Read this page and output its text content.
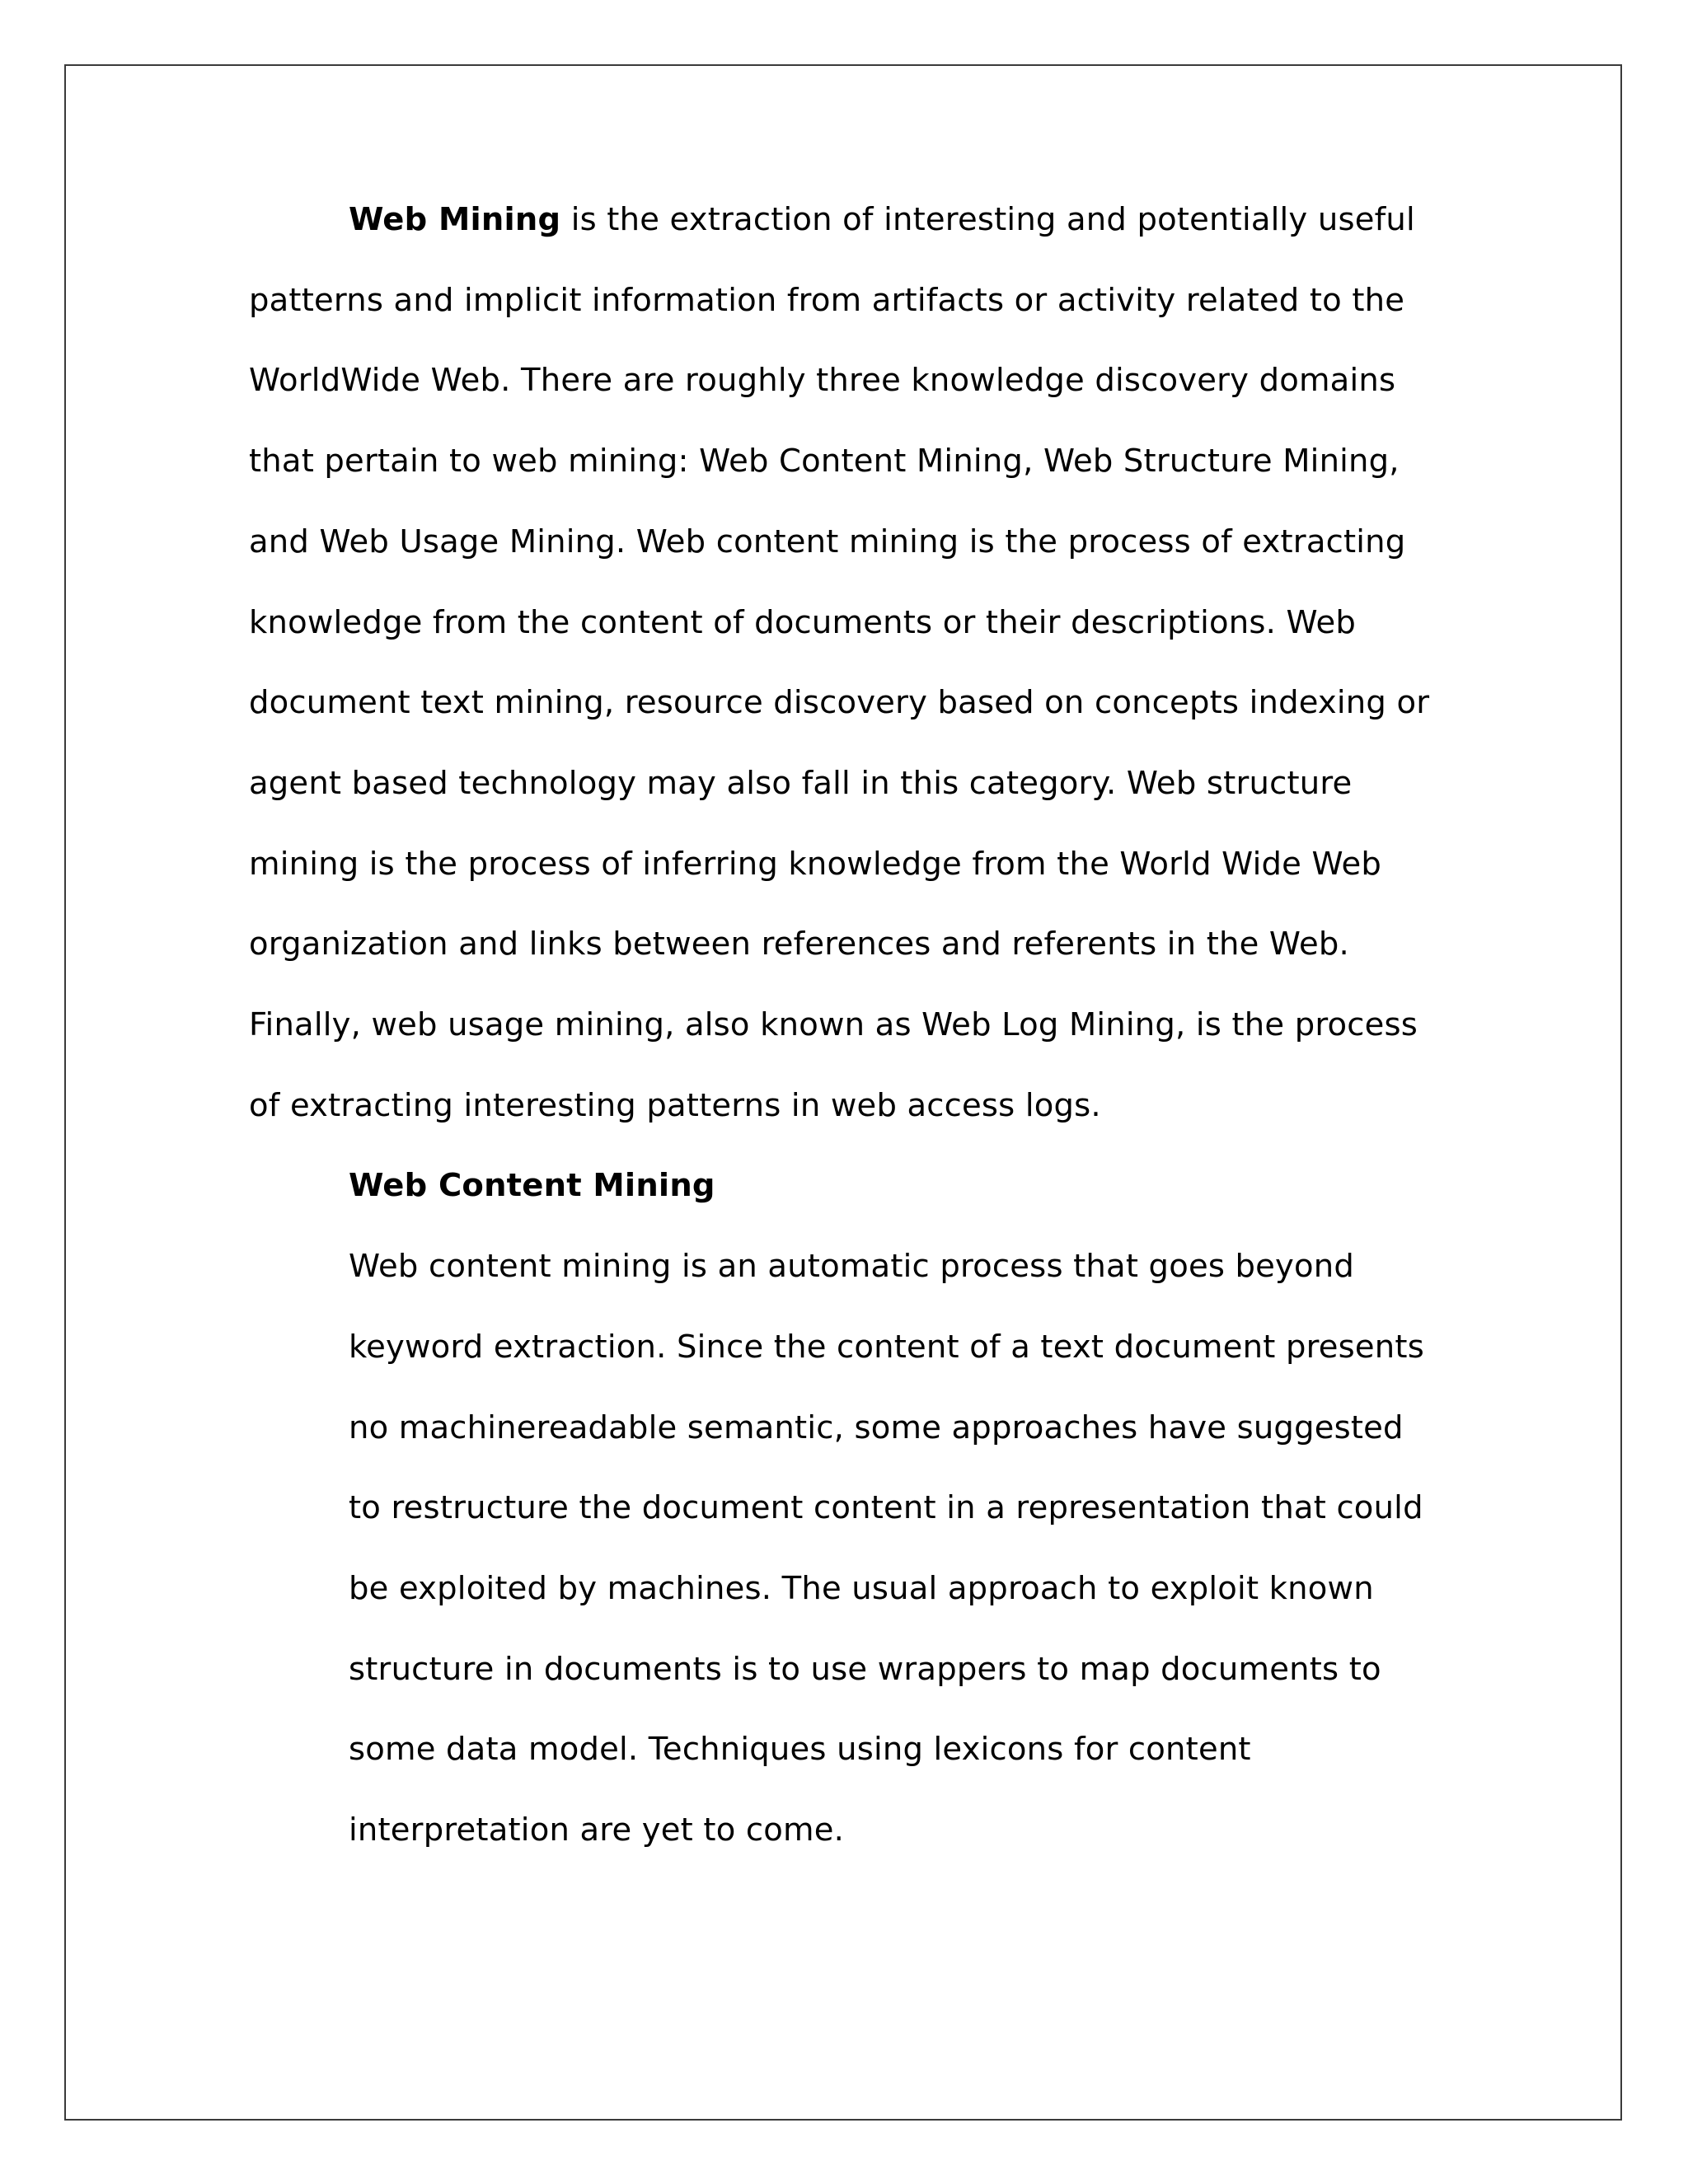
Web Mining is the extraction of interesting and potentially useful patterns and implicit information from artifacts or activity related to the WorldWide Web. There are roughly three knowledge discovery domains that pertain to web mining: Web Content Mining, Web Structure Mining, and Web Usage Mining. Web content mining is the process of extracting knowledge from the content of documents or their descriptions. Web document text mining, resource discovery based on concepts indexing or agent based technology may also fall in this category. Web structure mining is the process of inferring knowledge from the World Wide Web organization and links between references and referents in the Web. Finally, web usage mining, also known as Web Log Mining, is the process of extracting interesting patterns in web access logs.

Web Content Mining

Web content mining is an automatic process that goes beyond keyword extraction. Since the content of a text document presents no machinereadable semantic, some approaches have suggested to restructure the document content in a representation that could be exploited by machines. The usual approach to exploit known structure in documents is to use wrappers to map documents to some data model. Techniques using lexicons for content interpretation are yet to come.
